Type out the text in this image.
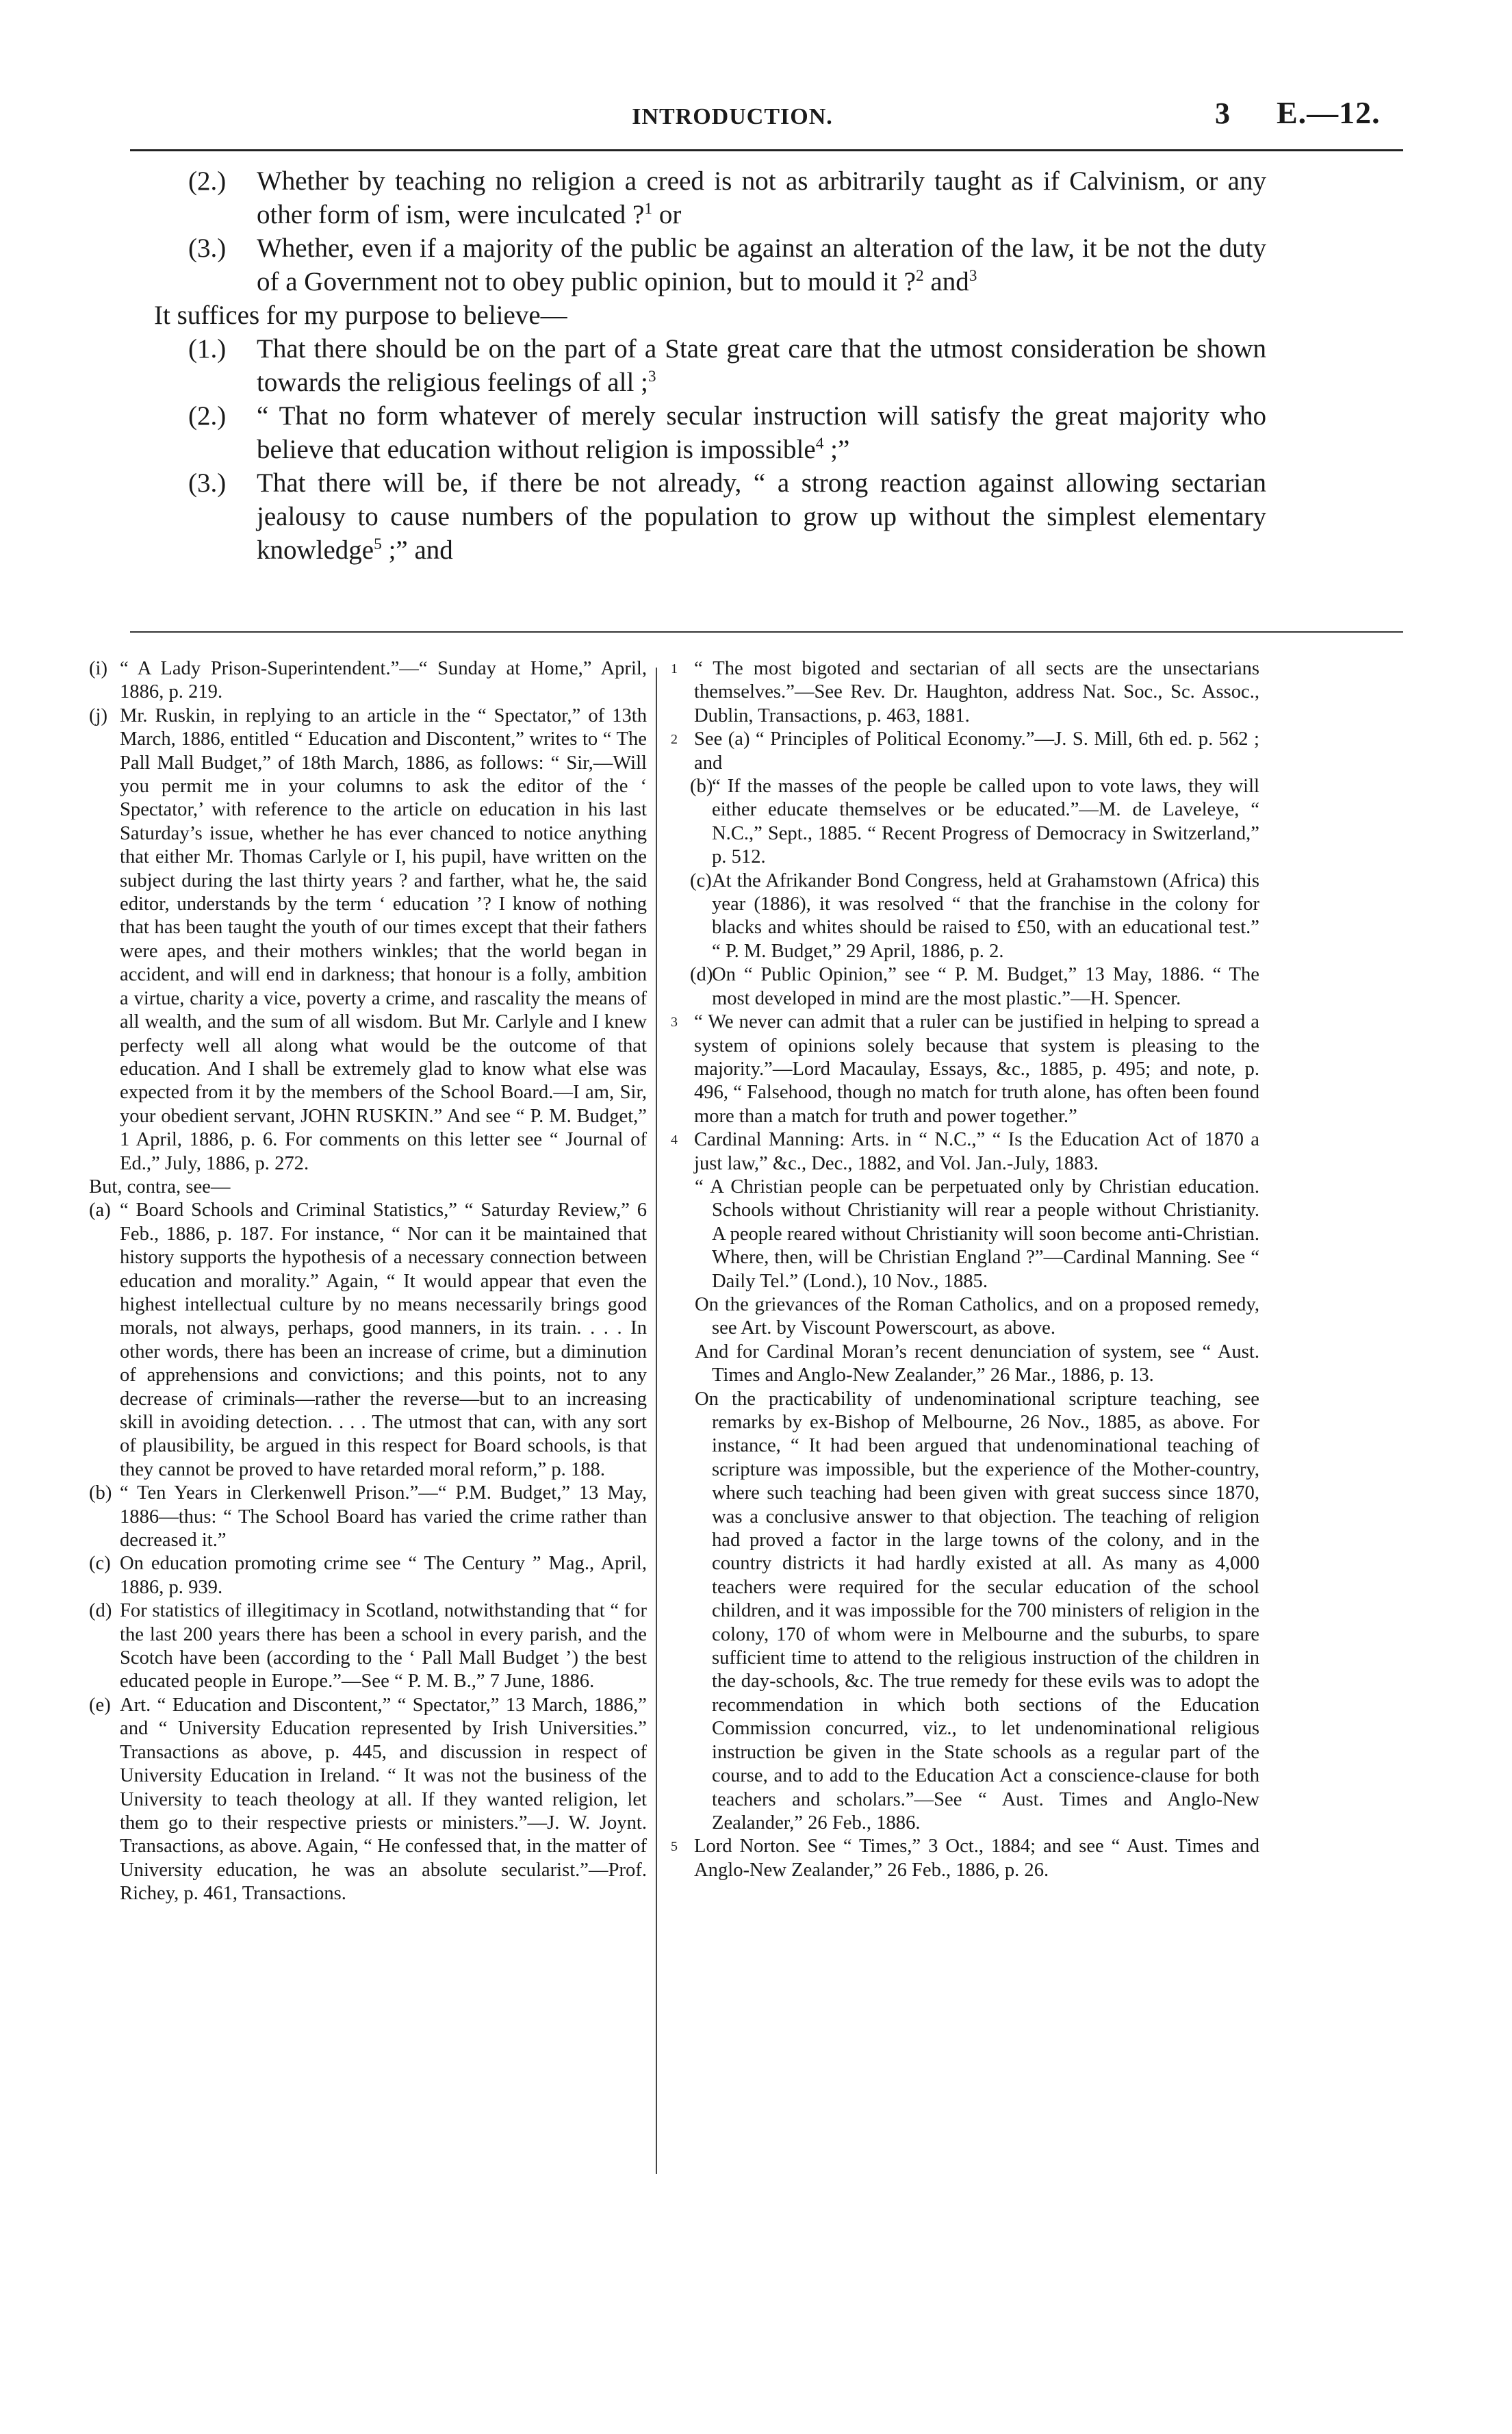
INTRODUCTION.	3 E.—12.
(2.) Whether by teaching no religion a creed is not as arbitrarily taught as if Calvinism, or any other form of ism, were inculcated ?$^1$ or
(3.) Whether, even if a majority of the public be against an alteration of the law, it be not the duty of a Government not to obey public opinion, but to mould it ?$^2$ and$^3$
It suffices for my purpose to believe—
(1.) That there should be on the part of a State great care that the utmost consideration be shown towards the religious feelings of all ;$^3$
(2.) “ That no form whatever of merely secular instruction will satisfy the great majority who believe that education without religion is impossible$^4$ ;”
(3.) That there will be, if there be not already, “ a strong reaction against allowing sectarian jealousy to cause numbers of the population to grow up without the simplest elementary knowledge$^5$ ;” and
(i) “ A Lady Prison-Superintendent.”—“ Sunday at Home,” April, 1886, p. 219.
(j) Mr. Ruskin, in replying to an article in the “ Spectator,” of 13th March, 1886, entitled “ Education and Discontent,” writes to “ The Pall Mall Budget,” of 18th March, 1886, as follows: “ Sir,—Will you permit me in your columns to ask the editor of the ‘ Spectator,’ with reference to the article on education in his last Saturday’s issue, whether he has ever chanced to notice anything that either Mr. Thomas Carlyle or I, his pupil, have written on the subject during the last thirty years ? and farther, what he, the said editor, understands by the term ‘ education ’? I know of nothing that has been taught the youth of our times except that their fathers were apes, and their mothers winkles; that the world began in accident, and will end in darkness; that honour is a folly, ambition a virtue, charity a vice, poverty a crime, and rascality the means of all wealth, and the sum of all wisdom. But Mr. Carlyle and I knew perfecty well all along what would be the outcome of that education. And I shall be extremely glad to know what else was expected from it by the members of the School Board.—I am, Sir, your obedient servant, JOHN RUSKIN.” And see “ P. M. Budget,” 1 April, 1886, p. 6. For comments on this letter see “ Journal of Ed.,” July, 1886, p. 272.
But, contra, see—
(a) “ Board Schools and Criminal Statistics,” “ Saturday Review,” 6 Feb., 1886, p. 187. For instance, “ Nor can it be maintained that history supports the hypothesis of a necessary connection between education and morality.” Again, “ It would appear that even the highest intellectual culture by no means necessarily brings good morals, not always, perhaps, good manners, in its train. . . . In other words, there has been an increase of crime, but a diminution of apprehensions and convictions; and this points, not to any decrease of criminals—rather the reverse—but to an increasing skill in avoiding detection. . . . The utmost that can, with any sort of plausibility, be argued in this respect for Board schools, is that they cannot be proved to have retarded moral reform,” p. 188.
(b) “ Ten Years in Clerkenwell Prison.”—“ P.M. Budget,” 13 May, 1886—thus: “ The School Board has varied the crime rather than decreased it.”
(c) On education promoting crime see “ The Century ” Mag., April, 1886, p. 939.
(d) For statistics of illegitimacy in Scotland, notwithstanding that “ for the last 200 years there has been a school in every parish, and the Scotch have been (according to the ‘ Pall Mall Budget ’) the best educated people in Europe.”—See “ P. M. B.,” 7 June, 1886.
(e) Art. “ Education and Discontent,” “ Spectator,” 13 March, 1886,” and “ University Education represented by Irish Universities.” Transactions as above, p. 445, and discussion in respect of University Education in Ireland. “ It was not the business of the University to teach theology at all. If they wanted religion, let them go to their respective priests or ministers.”—J. W. Joynt. Transactions, as above. Again, “ He confessed that, in the matter of University education, he was an absolute secularist.”—Prof. Richey, p. 461, Transactions.
1 “ The most bigoted and sectarian of all sects are the unsectarians themselves.”—See Rev. Dr. Haughton, address Nat. Soc., Sc. Assoc., Dublin, Transactions, p. 463, 1881.
2 See (a) “ Principles of Political Economy.”—J. S. Mill, 6th ed. p. 562 ; and
(b)
“ If the masses of the people be called upon to vote laws, they will either educate themselves or be educated.”—M. de Laveleye, “ N.C.,” Sept., 1885. “ Recent Progress of Democracy in Switzerland,” p. 512.
(c) At the Afrikander Bond Congress, held at Grahamstown (Africa) this year (1886), it was resolved “ that the franchise in the colony for blacks and whites should be raised to £50, with an educational test.” “ P. M. Budget,” 29 April, 1886, p. 2.
(d)
On “ Public Opinion,” see “ P. M. Budget,” 13 May, 1886. “ The most developed in mind are the most plastic.”—H. Spencer.
3 “ We never can admit that a ruler can be justified in helping to spread a system of opinions solely because that system is pleasing to the majority.”—Lord Macaulay, Essays, &c., 1885, p. 495; and note, p. 496, “ Falsehood, though no match for truth alone, has often been found more than a match for truth and power together.”
4 Cardinal Manning: Arts. in “ N.C.,” “ Is the Education Act of 1870 a just law,” &c., Dec., 1882, and Vol. Jan.-July, 1883.
“ A Christian people can be perpetuated only by Christian education. Schools without Christianity will rear a people without Christianity. A people reared without Christianity will soon become anti-Christian. Where, then, will be Christian England ?”—Cardinal Manning. See “ Daily Tel.” (Lond.), 10 Nov., 1885.
On the grievances of the Roman Catholics, and on a proposed remedy, see Art. by Viscount Powerscourt, as above.
And for Cardinal Moran’s recent denunciation of system, see “ Aust. Times and Anglo-New Zealander,” 26 Mar., 1886, p. 13.
On the practicability of undenominational scripture teaching, see remarks by ex-Bishop of Melbourne, 26 Nov., 1885, as above. For instance, “ It had been argued that undenominational teaching of scripture was impossible, but the experience of the Mother-country, where such teaching had been given with great success since 1870, was a conclusive answer to that objection. The teaching of religion had proved a factor in the large towns of the colony, and in the country districts it had hardly existed at all. As many as 4,000 teachers were required for the secular education of the school children, and it was impossible for the 700 ministers of religion in the colony, 170 of whom were in Melbourne and the suburbs, to spare sufficient time to attend to the religious instruction of the children in the day-schools, &c. The true remedy for these evils was to adopt the recommendation in which both sections of the Education Commission concurred, viz., to let undenominational religious instruction be given in the State schools as a regular part of the course, and to add to the Education Act a conscience-clause for both teachers and scholars.”—See “ Aust. Times and Anglo-New Zealander,” 26 Feb., 1886.
5 Lord Norton. See “ Times,” 3 Oct., 1884; and see “ Aust. Times and Anglo-New Zealander,” 26 Feb., 1886, p. 26.
